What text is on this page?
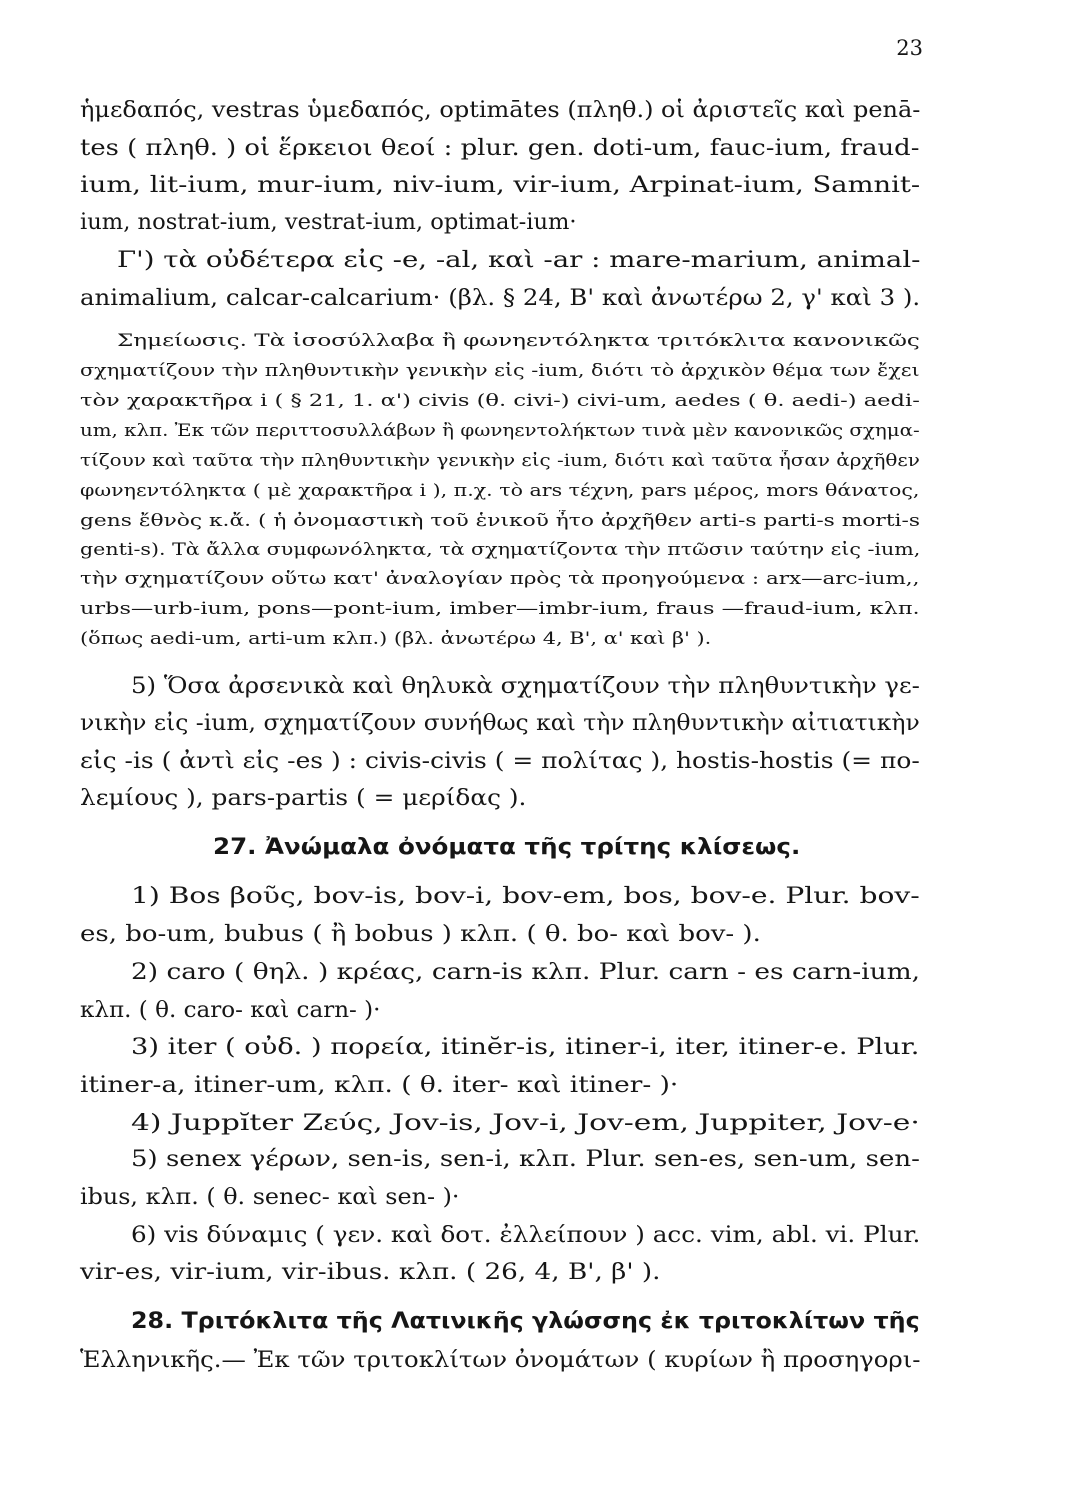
23
ἡμεδαπός, vestras ὑμεδαπός, optimātes (πληθ.) οἱ ἀριστεῖς καὶ penā-
tes ( πληθ. ) οἱ ἕρκειοι θεοί : plur. gen. doti-um, fauc-ium, fraud-
ium, lit-ium, mur-ium, niv-ium, vir-ium, Arpinat-ium, Samnit-
ium, nostrat-ium, vestrat-ium, optimat-ium·
Γ') τὰ οὐδέτερα εἰς -e, -al, καὶ -ar : mare-marium, animal-
animalium, calcar-calcarium· (βλ. § 24, Β' καὶ ἀνωτέρω 2, γ' καὶ 3 ).
Σημείωσις. Τὰ ἰσοσύλλαβα ἢ φωνηεντόληκτα τριτόκλιτα κανονικῶς
σχηματίζουν τὴν πληθυντικὴν γενικὴν εἰς -ium, διότι τὸ ἀρχικὸν θέμα των ἔχει
τὸν χαρακτῆρα i ( § 21, 1. α') civis (θ. civi-) civi-um, aedes ( θ. aedi-) aedi-
um, κλπ. Ἐκ τῶν περιττοσυλλάβων ἢ φωνηεντολήκτων τινὰ μὲν κανονικῶς σχημα-
τίζουν καὶ ταῦτα τὴν πληθυντικὴν γενικὴν εἰς -ium, διότι καὶ ταῦτα ἦσαν ἀρχῆθεν
φωνηεντόληκτα ( μὲ χαρακτῆρα i ), π.χ. τὸ ars τέχνη, pars μέρος, mors θάνατος,
gens ἔθνὸς κ.ἄ. ( ἡ ὀνομαστικὴ τοῦ ἑνικοῦ ἦτο ἀρχῆθεν arti-s parti-s morti-s
genti-s). Τὰ ἄλλα συμφωνόληκτα, τὰ σχηματίζοντα τὴν πτῶσιν ταύτην εἰς -ium,
τὴν σχηματίζουν οὕτω κατ' ἀναλογίαν πρὸς τὰ προηγούμενα : arx—arc-ium,,
urbs—urb-ium, pons—pont-ium, imber—imbr-ium, fraus —fraud-ium, κλπ.
(ὅπως aedi-um, arti-um κλπ.) (βλ. ἀνωτέρω 4, Β', α' καὶ β' ).
5) Ὅσα ἀρσενικὰ καὶ θηλυκὰ σχηματίζουν τὴν πληθυντικὴν γε-
νικὴν εἰς -ium, σχηματίζουν συνήθως καὶ τὴν πληθυντικὴν αἰτιατικὴν
εἰς -is ( ἀντὶ εἰς -es ) : civis-civis ( = πολίτας ), hostis-hostis (= πο-
λεμίους ), pars-partis ( = μερίδας ).
27. Ἀνώμαλα ὀνόματα τῆς τρίτης κλίσεως.
1) Bos βοῦς, bov-is, bov-i, bov-em, bos, bov-e. Plur. bov-
es, bo-um, bubus ( ἢ bobus ) κλπ. ( θ. bo- καὶ bov- ).
2) caro ( θηλ. ) κρέας, carn-is κλπ. Plur. carn - es carn-ium,
κλπ. ( θ. caro- καὶ carn- )·
3) iter ( οὐδ. ) πορεία, itinĕr-is, itiner-i, iter, itiner-e. Plur.
itiner-a, itiner-um, κλπ. ( θ. iter- καὶ itiner- )·
4) Juppĭter Ζεύς, Jov-is, Jov-i, Jov-em, Juppiter, Jov-e·
5) senex γέρων, sen-is, sen-i, κλπ. Plur. sen-es, sen-um, sen-
ibus, κλπ. ( θ. senec- καὶ sen- )·
6) vis δύναμις ( γεν. καὶ δοτ. ἐλλείπουν ) acc. vim, abl. vi. Plur.
vir-es, vir-ium, vir-ibus. κλπ. ( 26, 4, Β', β' ).
28. Τριτόκλιτα τῆς Λατινικῆς γλώσσης ἐκ τριτοκλίτων τῆς
Ἑλληνικῆς.— Ἐκ τῶν τριτοκλίτων ὀνομάτων ( κυρίων ἢ προσηγορι-
